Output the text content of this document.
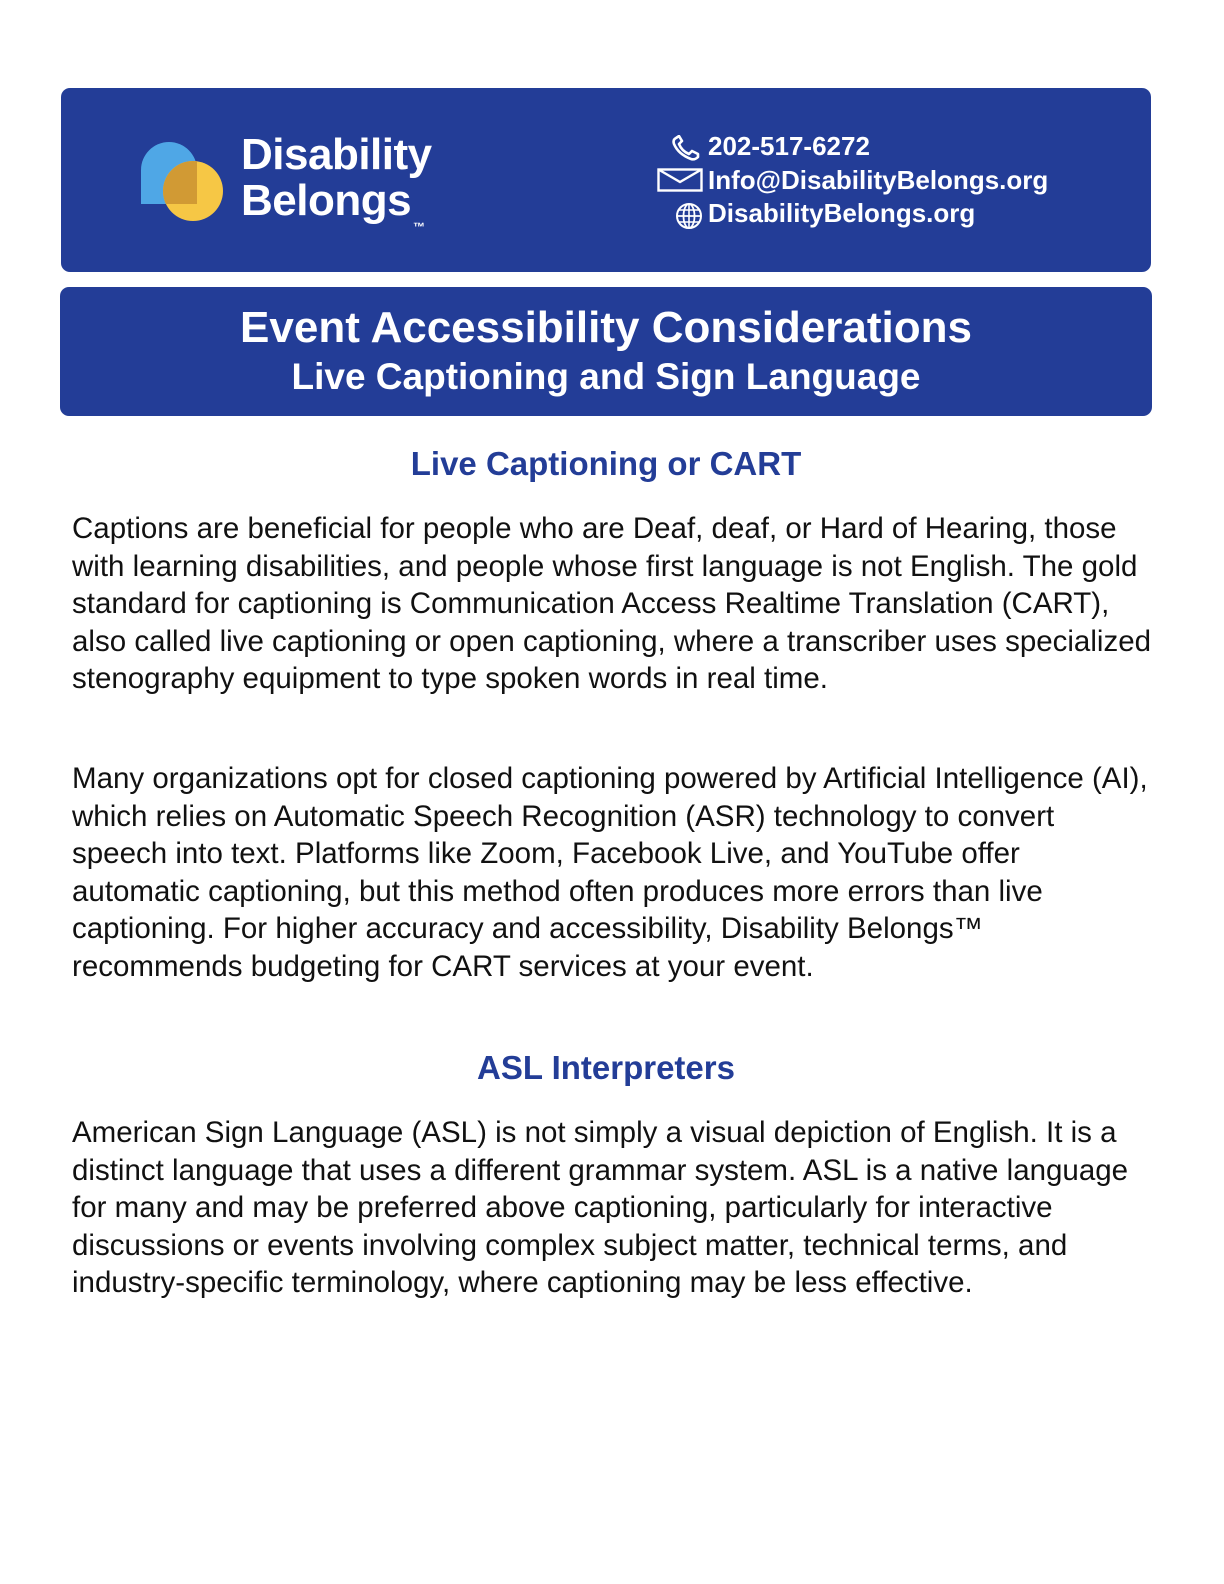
Disability
Belongs™
202-517-6272
Info@DisabilityBelongs.org
DisabilityBelongs.org
Event Accessibility Considerations
Live Captioning and Sign Language
Live Captioning or CART

Captions are beneficial for people who are Deaf, deaf, or Hard of Hearing, those with learning disabilities, and people whose first language is not English. The gold standard for captioning is Communication Access Realtime Translation (CART), also called live captioning or open captioning, where a transcriber uses specialized stenography equipment to type spoken words in real time.

Many organizations opt for closed captioning powered by Artificial Intelligence (AI), which relies on Automatic Speech Recognition (ASR) technology to convert speech into text. Platforms like Zoom, Facebook Live, and YouTube offer automatic captioning, but this method often produces more errors than live captioning. For higher accuracy and accessibility, Disability Belongs™ recommends budgeting for CART services at your event.

ASL Interpreters

American Sign Language (ASL) is not simply a visual depiction of English. It is a distinct language that uses a different grammar system. ASL is a native language for many and may be preferred above captioning, particularly for interactive discussions or events involving complex subject matter, technical terms, and industry-specific terminology, where captioning may be less effective.
